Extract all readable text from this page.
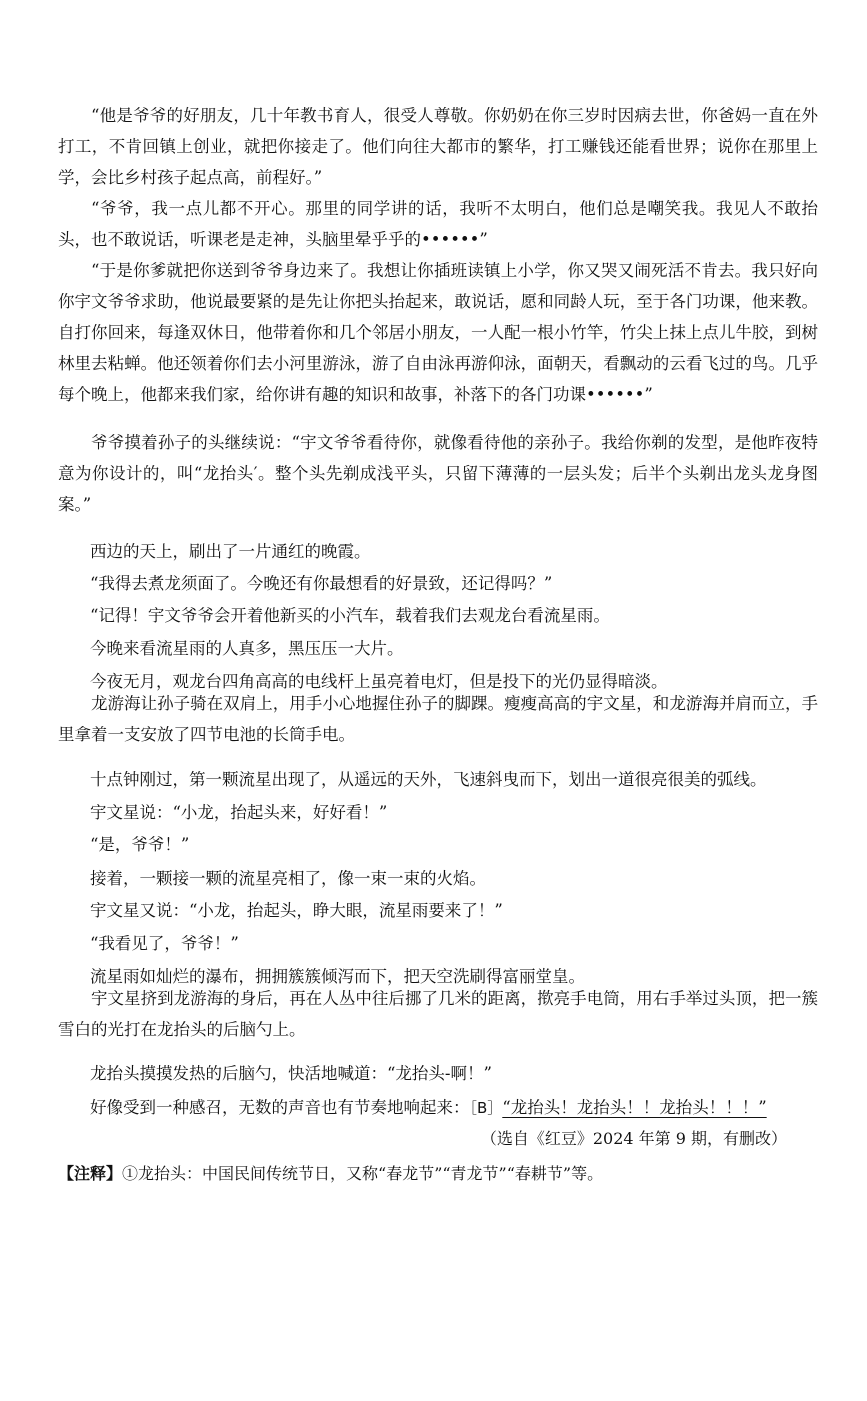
“他是爷爷的好朋友，几十年教书育人，很受人尊敬。你奶奶在你三岁时因病去世，你爸妈一直在外打工，不肯回镇上创业，就把你接走了。他们向往大都市的繁华，打工赚钱还能看世界；说你在那里上学，会比乡村孩子起点高，前程好。”

“爷爷，我一点儿都不开心。那里的同学讲的话，我听不太明白，他们总是嘲笑我。我见人不敢抬头，也不敢说话，听课老是走神，头脑里晕乎乎的••••••”

“于是你爹就把你送到爷爷身边来了。我想让你插班读镇上小学，你又哭又闹死活不肯去。我只好向你宇文爷爷求助，他说最要紧的是先让你把头抬起来，敢说话，愿和同龄人玩，至于各门功课，他来教。自打你回来，每逢双休日，他带着你和几个邻居小朋友，一人配一根小竹竿，竹尖上抹上点儿牛胶，到树林里去粘蝉。他还领着你们去小河里游泳，游了自由泳再游仰泳，面朝天，看飘动的云看飞过的鸟。几乎每个晚上，他都来我们家，给你讲有趣的知识和故事，补落下的各门功课••••••”

爷爷摸着孙子的头继续说：“宇文爷爷看待你，就像看待他的亲孙子。我给你剃的发型，是他昨夜特意为你设计的，叫“龙抬头′。整个头先剃成浅平头，只留下薄薄的一层头发；后半个头剃出龙头龙身图案。”

西边的天上，刷出了一片通红的晚霞。

“我得去煮龙须面了。今晚还有你最想看的好景致，还记得吗？”

“记得！宇文爷爷会开着他新买的小汽车，载着我们去观龙台看流星雨。

今晚来看流星雨的人真多，黑压压一大片。

今夜无月，观龙台四角高高的电线杆上虽亮着电灯，但是投下的光仍显得暗淡。

龙游海让孙子骑在双肩上，用手小心地握住孙子的脚踝。瘦瘦高高的宇文星，和龙游海并肩而立，手里拿着一支安放了四节电池的长筒手电。

十点钟刚过，第一颗流星出现了，从遥远的天外，飞速斜曳而下，划出一道很亮很美的弧线。

宇文星说：“小龙，抬起头来，好好看！”

“是，爷爷！”

接着，一颗接一颗的流星亮相了，像一束一束的火焰。

宇文星又说：“小龙，抬起头，睁大眼，流星雨要来了！”

“我看见了，爷爷！”

流星雨如灿烂的瀑布，拥拥簇簇倾泻而下，把天空洗刷得富丽堂皇。

宇文星挤到龙游海的身后，再在人丛中往后挪了几米的距离，揿亮手电筒，用右手举过头顶，把一簇雪白的光打在龙抬头的后脑勺上。

龙抬头摸摸发热的后脑勺，快活地喊道：“龙抬头-啊！”

好像受到一种感召，无数的声音也有节奏地响起来：［B］“龙抬头！龙抬头！！龙抬头！！！”

（选自《红豆》2024 年第 9 期，有删改）
【注释】①龙抬头：中国民间传统节日，又称“春龙节”“青龙节”“春耕节”等。
